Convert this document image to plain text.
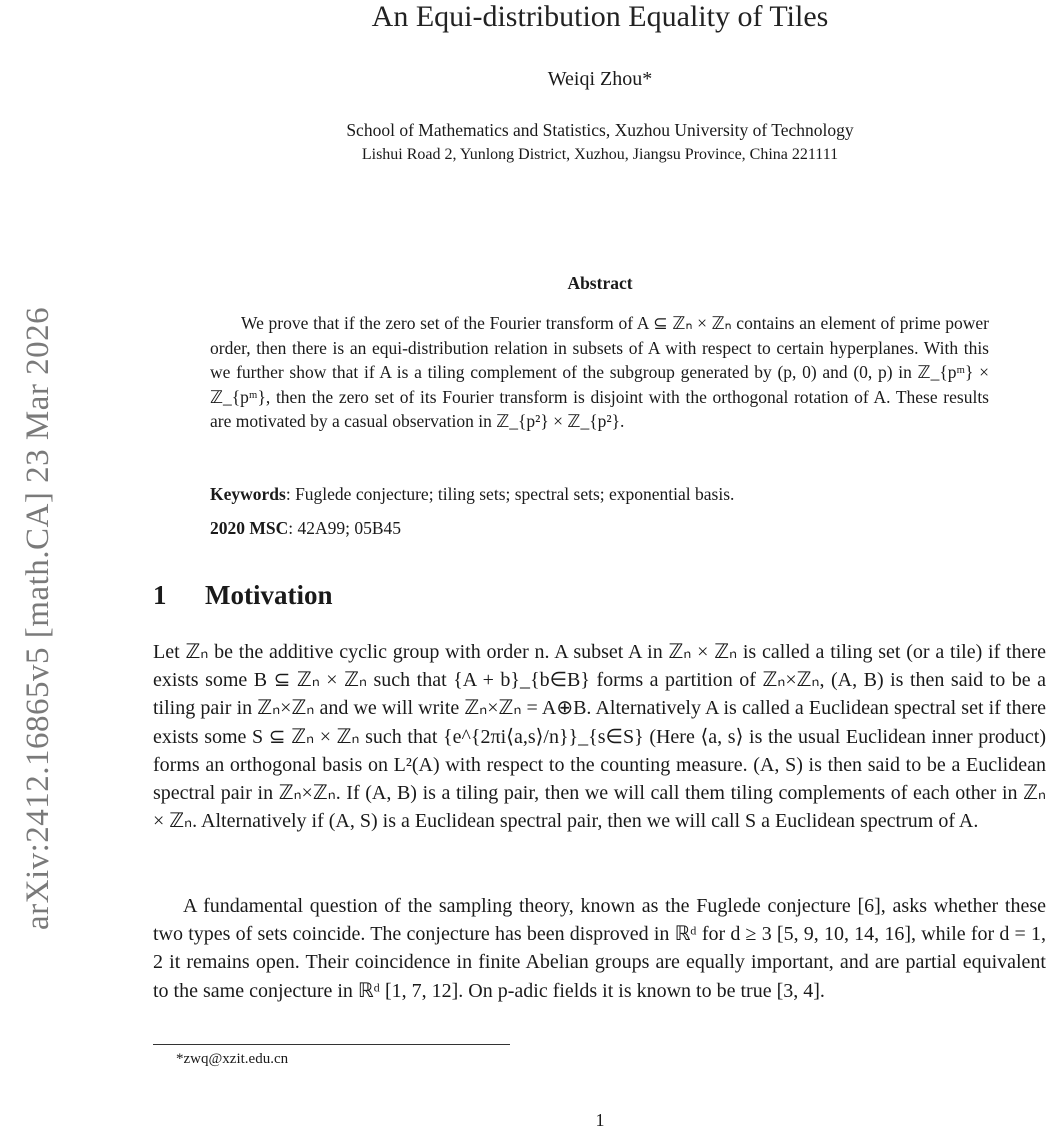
arXiv:2412.16865v5 [math.CA] 23 Mar 2026
An Equi-distribution Equality of Tiles
Weiqi Zhou*
School of Mathematics and Statistics, Xuzhou University of Technology
Lishui Road 2, Yunlong District, Xuzhou, Jiangsu Province, China 221111
Abstract
We prove that if the zero set of the Fourier transform of A ⊆ ℤₙ × ℤₙ contains an element of prime power order, then there is an equi-distribution relation in subsets of A with respect to certain hyperplanes. With this we further show that if A is a tiling complement of the subgroup generated by (p, 0) and (0, p) in ℤ_{pᵐ} × ℤ_{pᵐ}, then the zero set of its Fourier transform is disjoint with the orthogonal rotation of A. These results are motivated by a casual observation in ℤ_{p²} × ℤ_{p²}.
Keywords: Fuglede conjecture; tiling sets; spectral sets; exponential basis.
2020 MSC: 42A99; 05B45
1 Motivation
Let ℤₙ be the additive cyclic group with order n. A subset A in ℤₙ × ℤₙ is called a tiling set (or a tile) if there exists some B ⊆ ℤₙ × ℤₙ such that {A + b}_{b∈B} forms a partition of ℤₙ×ℤₙ, (A, B) is then said to be a tiling pair in ℤₙ×ℤₙ and we will write ℤₙ×ℤₙ = A⊕B. Alternatively A is called a Euclidean spectral set if there exists some S ⊆ ℤₙ × ℤₙ such that {e^{2πi⟨a,s⟩/n}}_{s∈S} (Here ⟨a, s⟩ is the usual Euclidean inner product) forms an orthogonal basis on L²(A) with respect to the counting measure. (A, S) is then said to be a Euclidean spectral pair in ℤₙ×ℤₙ. If (A, B) is a tiling pair, then we will call them tiling complements of each other in ℤₙ × ℤₙ. Alternatively if (A, S) is a Euclidean spectral pair, then we will call S a Euclidean spectrum of A.
A fundamental question of the sampling theory, known as the Fuglede conjecture [6], asks whether these two types of sets coincide. The conjecture has been disproved in ℝᵈ for d ≥ 3 [5, 9, 10, 14, 16], while for d = 1, 2 it remains open. Their coincidence in finite Abelian groups are equally important, and are partial equivalent to the same conjecture in ℝᵈ [1, 7, 12]. On p-adic fields it is known to be true [3, 4].
*zwq@xzit.edu.cn
1
